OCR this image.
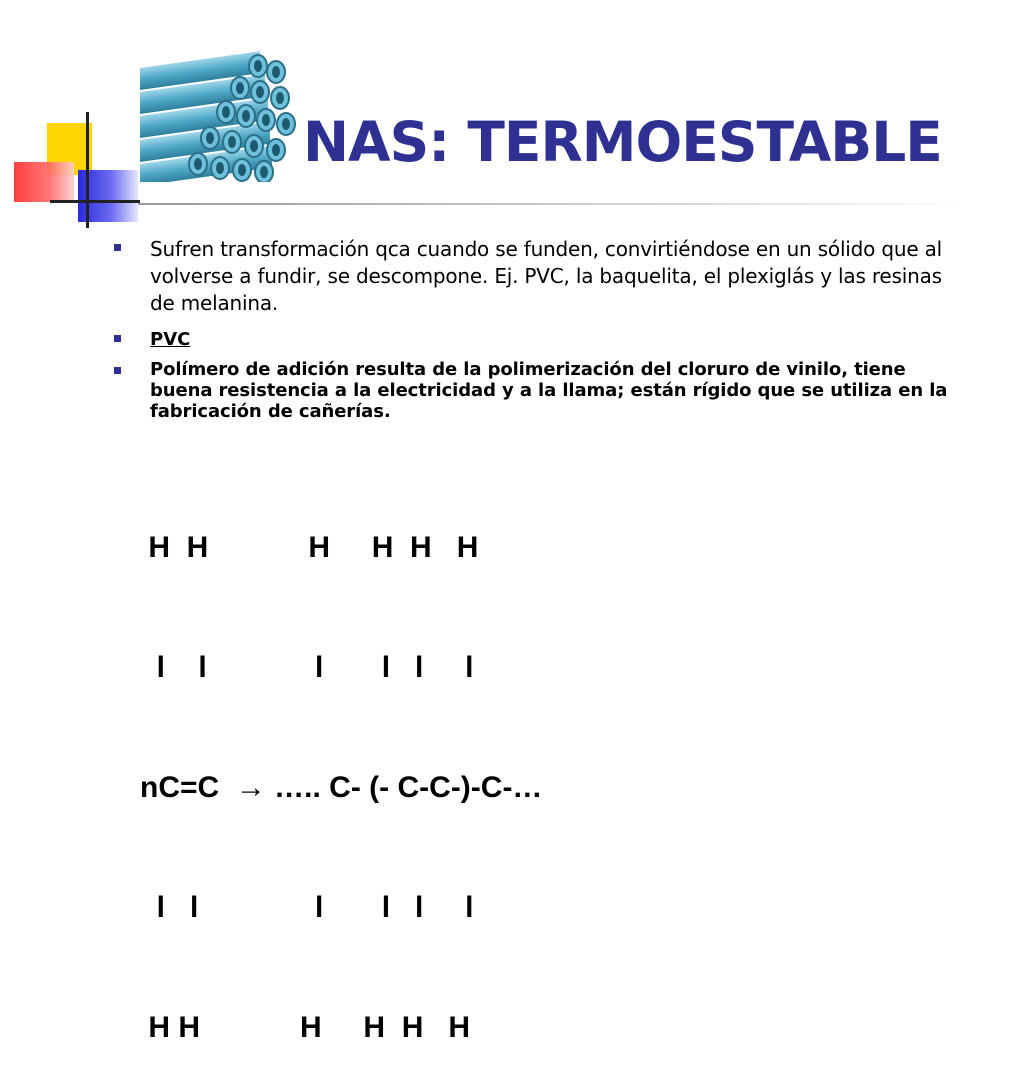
NAS: TERMOESTABLE
Sufren transformación qca cuando se funden, convirtiéndose en un sólido que al volverse a fundir, se descompone. Ej. PVC, la baquelita, el plexiglás y las resinas de melanina.
PVC
Polímero de adición resulta de la polimerización del cloruro de vinilo, tiene buena resistencia a la electricidad y a la llama; están rígido que se utiliza en la fabricación de cañerías.

H  H            H     H  H   H

l    l             l       l   l     l

nC=C  → ….. C- (- C-C-)-C-…

l   l              l       l   l     l

H H            H     H  H   H
